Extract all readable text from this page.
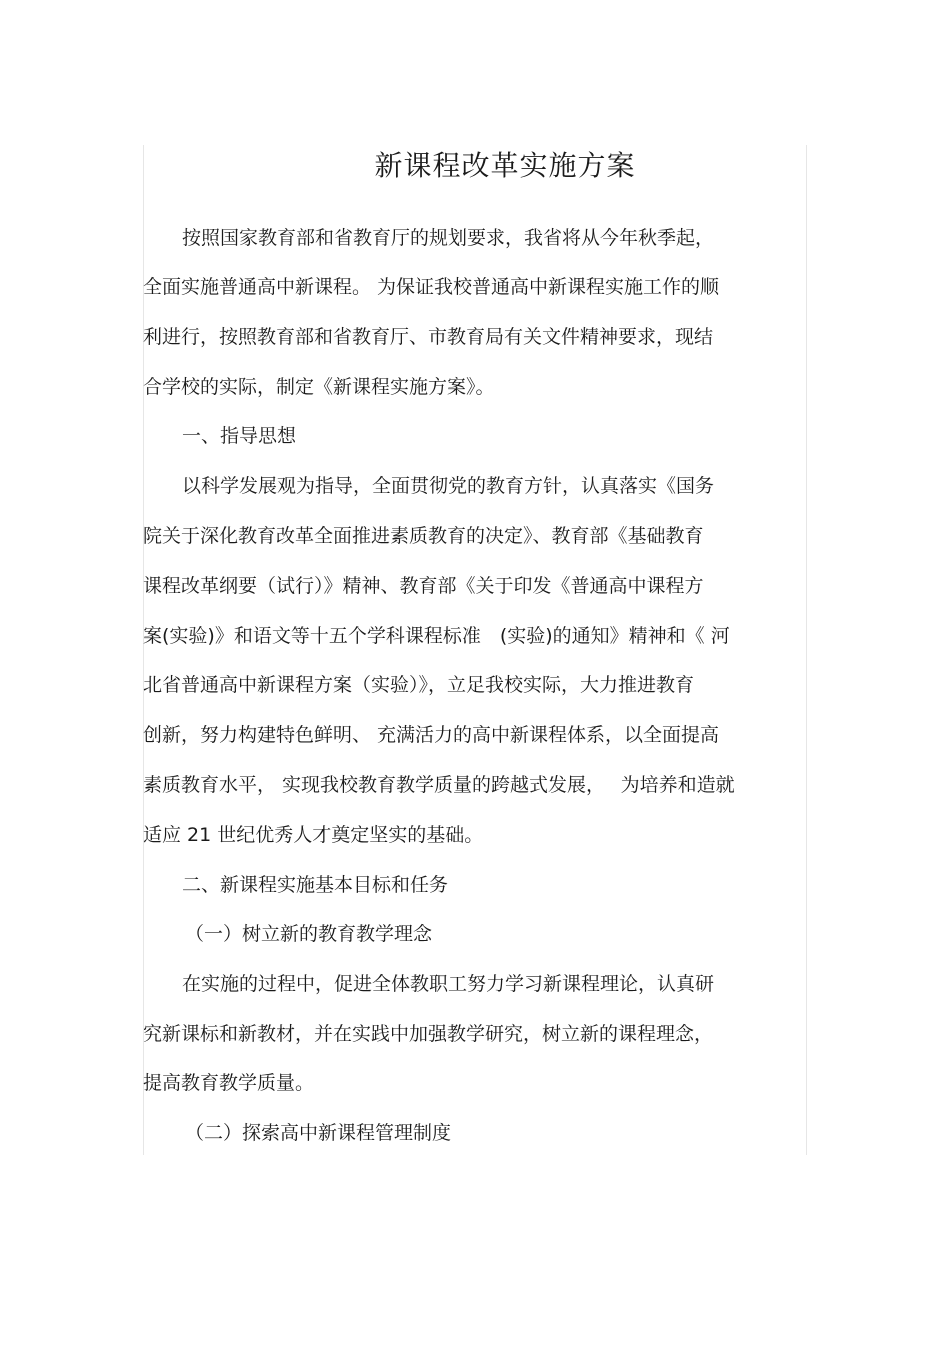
新课程改革实施方案

按照国家教育部和省教育厅的规划要求，我省将从今年秋季起，

全面实施普通高中新课程。 为保证我校普通高中新课程实施工作的顺

利进行，按照教育部和省教育厅、市教育局有关文件精神要求，现结

合学校的实际，制定《新课程实施方案》。

一、指导思想

以科学发展观为指导，全面贯彻党的教育方针，认真落实《国务

院关于深化教育改革全面推进素质教育的决定》、教育部《基础教育

课程改革纲要（试行）》精神、教育部《关于印发《普通高中课程方

案(实验)》和语文等十五个学科课程标准　(实验)的通知》精神和《 河

北省普通高中新课程方案（实验）》，立足我校实际，大力推进教育

创新，努力构建特色鲜明、 充满活力的高中新课程体系，以全面提高

素质教育水平， 实现我校教育教学质量的跨越式发展，　 为培养和造就

适应 21 世纪优秀人才奠定坚实的基础。

二、新课程实施基本目标和任务

（一）树立新的教育教学理念

在实施的过程中，促进全体教职工努力学习新课程理论，认真研

究新课标和新教材，并在实践中加强教学研究，树立新的课程理念，

提高教育教学质量。

（二）探索高中新课程管理制度
